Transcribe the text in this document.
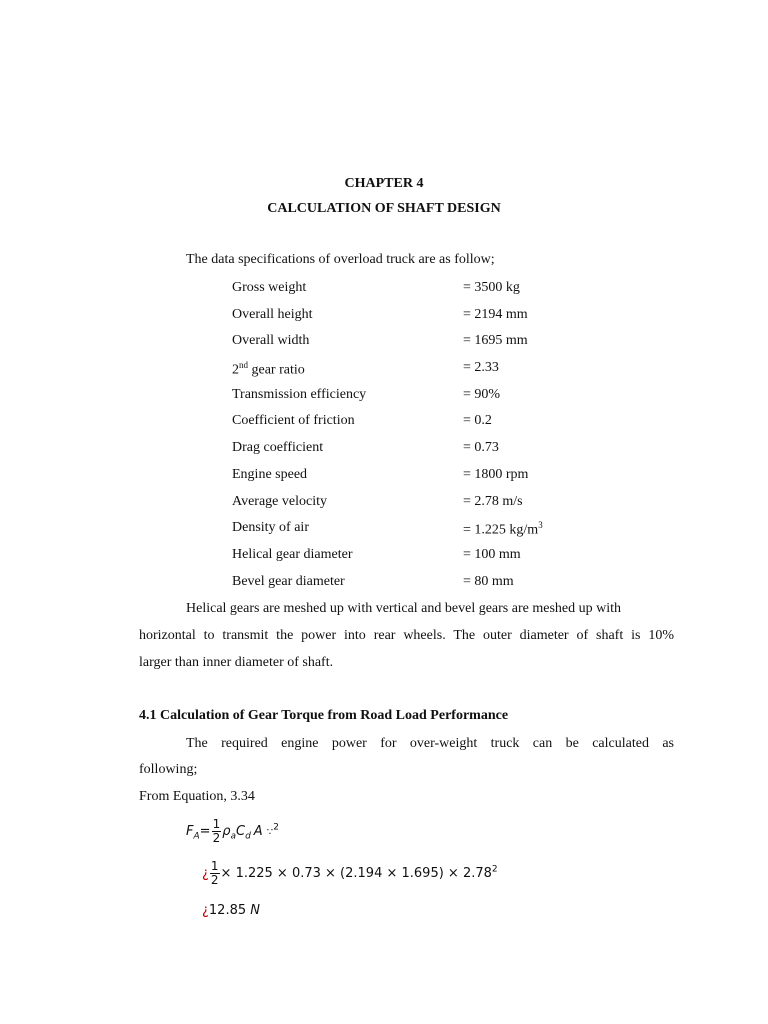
CHAPTER 4
CALCULATION OF SHAFT DESIGN
The data specifications of overload truck are as follow;
Gross weight	= 3500 kg
Overall height	= 2194 mm
Overall width	= 1695 mm
2nd gear ratio	= 2.33
Transmission efficiency	= 90%
Coefficient of friction	= 0.2
Drag coefficient	= 0.73
Engine speed	= 1800 rpm
Average velocity	= 2.78 m/s
Density of air	= 1.225 $kg/m^3$
Helical gear diameter	= 100 mm
Bevel gear diameter	= 80 mm
Helical gears are meshed up with vertical and bevel gears are meshed up with
horizontal to transmit the power into rear wheels. The outer diameter of shaft is 10%
larger than inner diameter of shaft.
4.1 Calculation of Gear Torque from Road Load Performance
The required engine power for over-weight truck can be calculated as
following;
From Equation, 3.34
$F_A= \frac{1}{2} \rho_aC_d$ A ∵$^2$
¿ $\frac{1}{2} \times 1.225 \times 0.73 \times (2.194 \times 1.695) \times 2.78^2$
¿12.85 N
